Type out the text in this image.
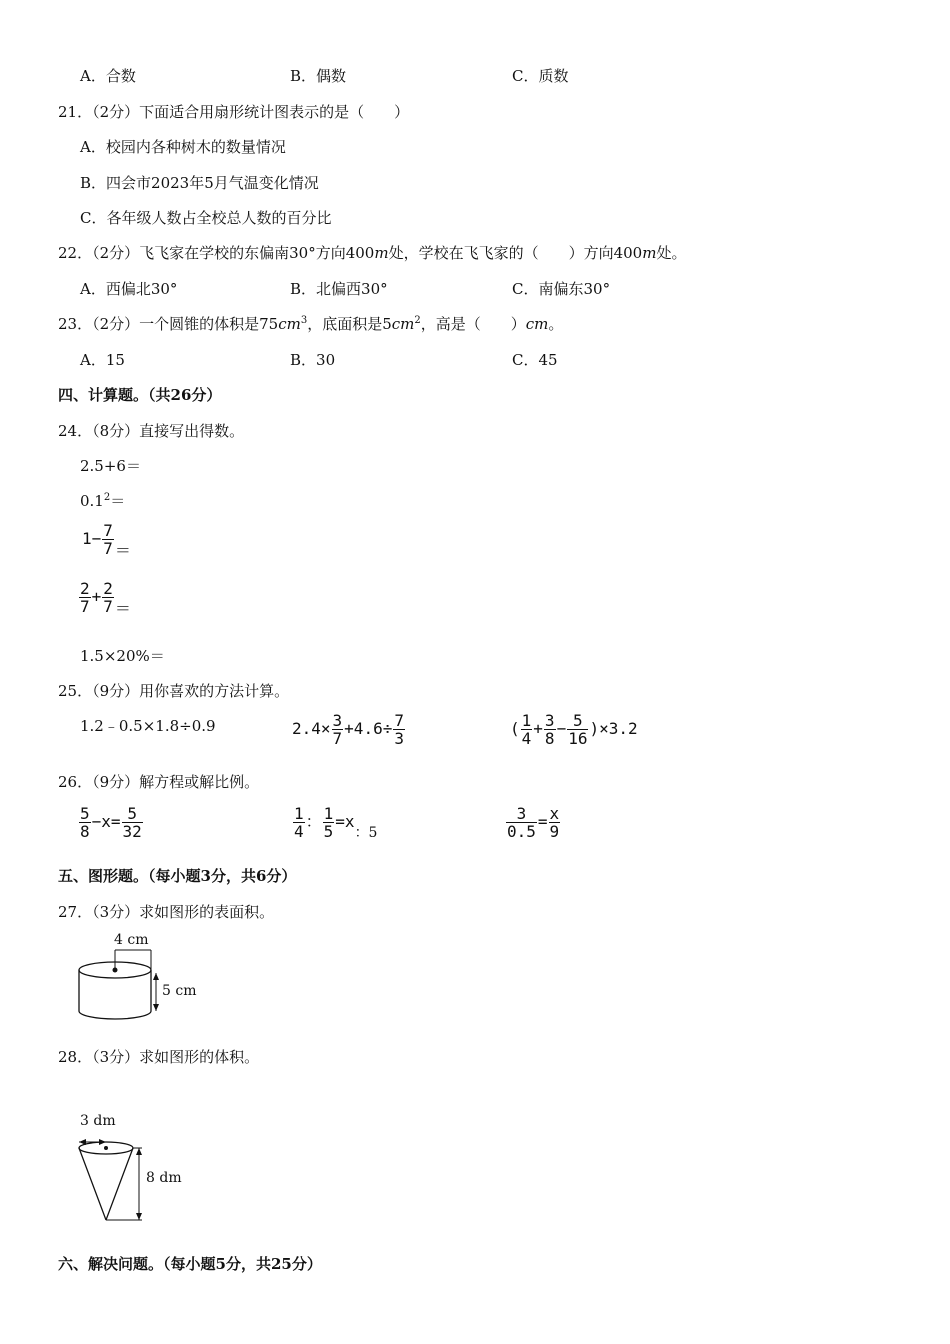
A．合数	B．偶数	C．质数
21．（2分）下面适合用扇形统计图表示的是（　　）
A．校园内各种树木的数量情况
B．四会市2023年5月气温变化情况
C．各年级人数占全校总人数的百分比
22．（2分）飞飞家在学校的东偏南30°方向400m处，学校在飞飞家的（　　）方向400m处。
A．西偏北30°	B．北偏西30°	C．南偏东30°
23．（2分）一个圆锥的体积是$75cm^3$，底面积是$5cm^2$，高是（　　）cm。
A．15	B．30	C．45
四、计算题。（共26分）
24．（8分）直接写出得数。
2.5+6＝
$0.1^2=$
$1- \frac{7}{7}$ ＝
$\frac{2}{7} + \frac{2}{7}$ ＝
1.5×20%＝
25．（9分）用你喜欢的方法计算。
1.2﹣0.5×1.8÷0.9	$2.4\times \frac{3}{7} +4.6\div \frac{7}{3}$	( $\frac{1}{4} + \frac{3}{8} - \frac{5}{16} )\times 3.2$
26．（9分）解方程或解比例。
$\frac{5}{8} -x= \frac{5}{32}$	$\frac{1}{4}$ ： $\frac{1}{5} =x$：5	$\frac{3}{0.5} = \frac{x}{9}$
五、图形题。（每小题3分，共6分）
27．（3分）求如图形的表面积。
4 cm
5 cm
28．（3分）求如图形的体积。
3 dm
8 dm
六、解决问题。（每小题5分，共25分）
